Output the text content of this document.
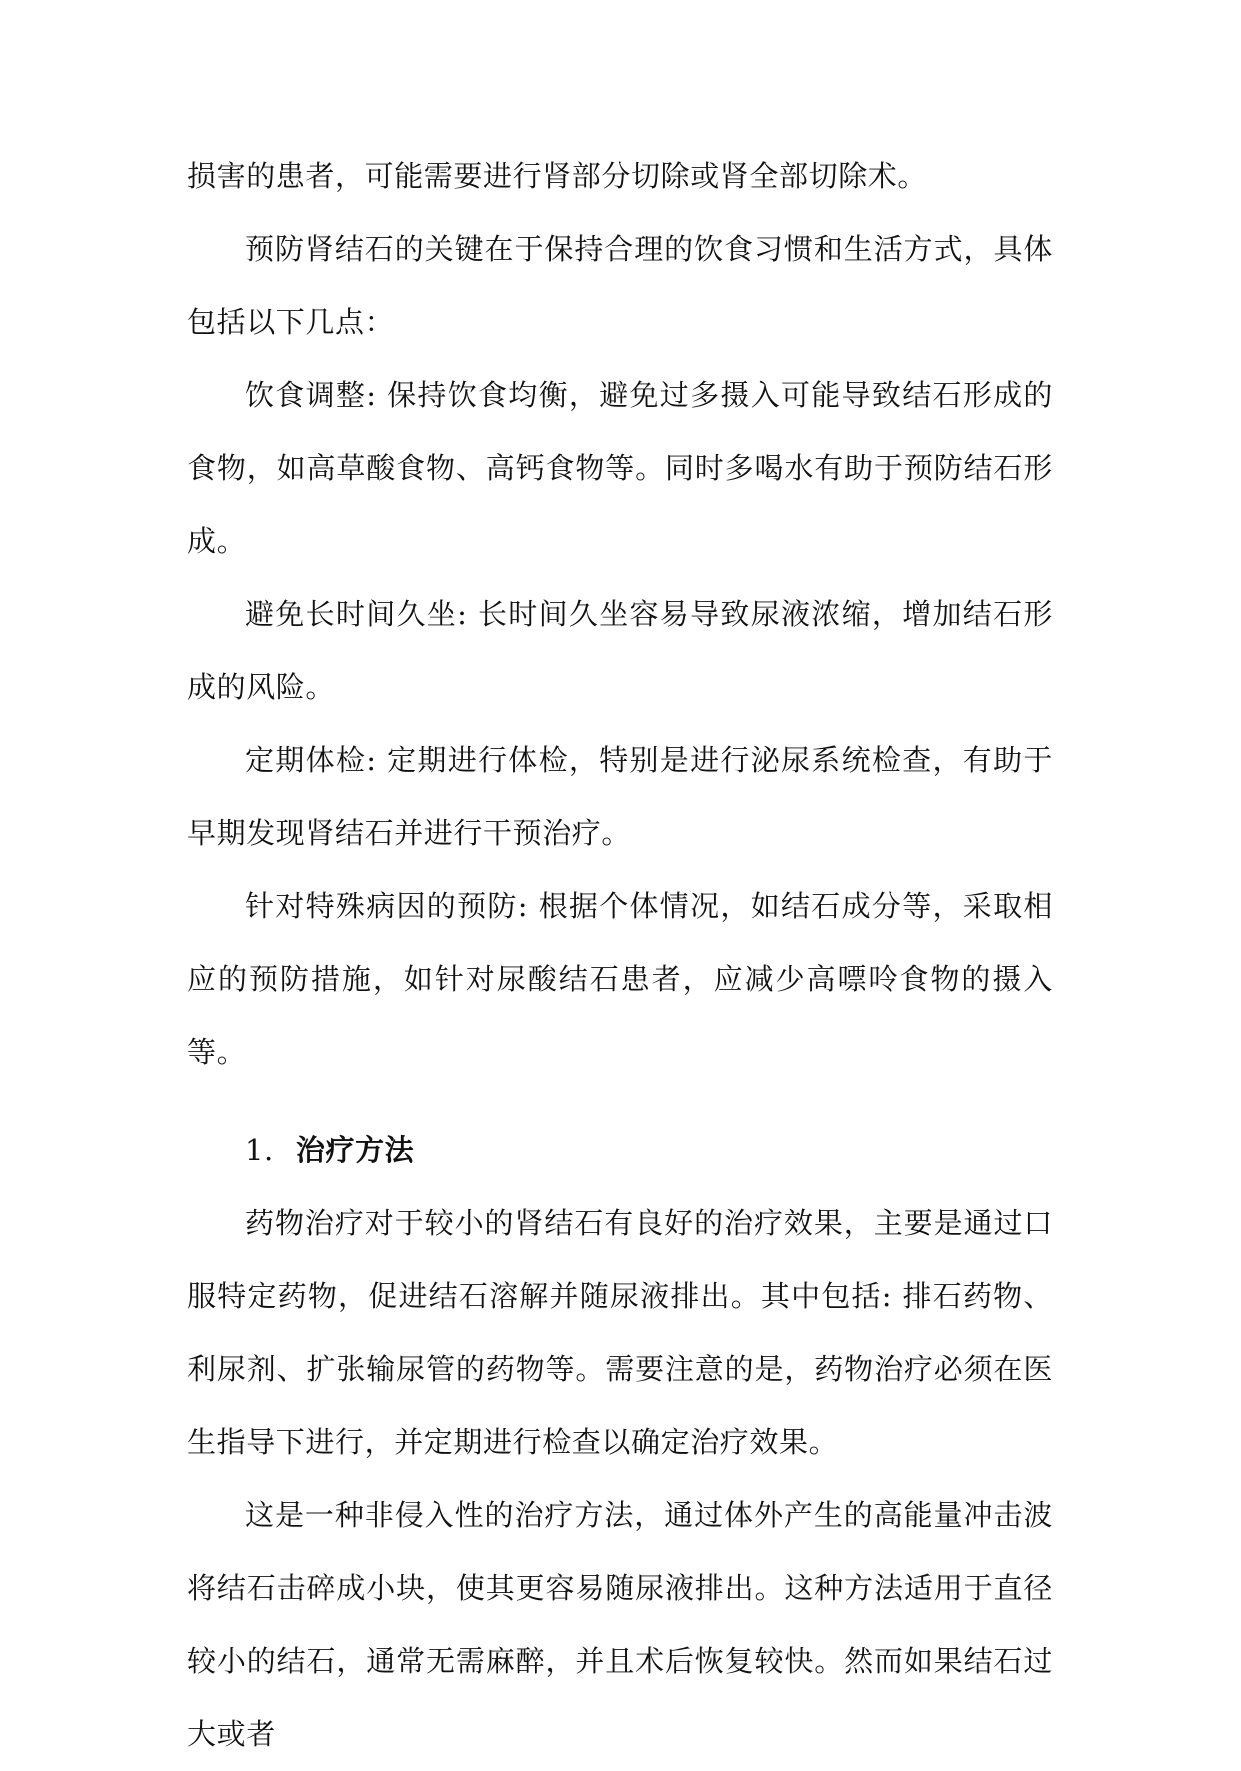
损害的患者，可能需要进行肾部分切除或肾全部切除术。

预防肾结石的关键在于保持合理的饮食习惯和生活方式，具体包括以下几点：

饮食调整: 保持饮食均衡，避免过多摄入可能导致结石形成的食物，如高草酸食物、高钙食物等。同时多喝水有助于预防结石形成。

避免长时间久坐: 长时间久坐容易导致尿液浓缩，增加结石形成的风险。

定期体检: 定期进行体检，特别是进行泌尿系统检查，有助于早期发现肾结石并进行干预治疗。

针对特殊病因的预防: 根据个体情况，如结石成分等，采取相应的预防措施，如针对尿酸结石患者，应减少高嘌呤食物的摄入等。

1. 治疗方法

药物治疗对于较小的肾结石有良好的治疗效果，主要是通过口服特定药物，促进结石溶解并随尿液排出。其中包括: 排石药物、利尿剂、扩张输尿管的药物等。需要注意的是，药物治疗必须在医生指导下进行，并定期进行检查以确定治疗效果。

这是一种非侵入性的治疗方法，通过体外产生的高能量冲击波将结石击碎成小块，使其更容易随尿液排出。这种方法适用于直径较小的结石，通常无需麻醉，并且术后恢复较快。然而如果结石过大或者
